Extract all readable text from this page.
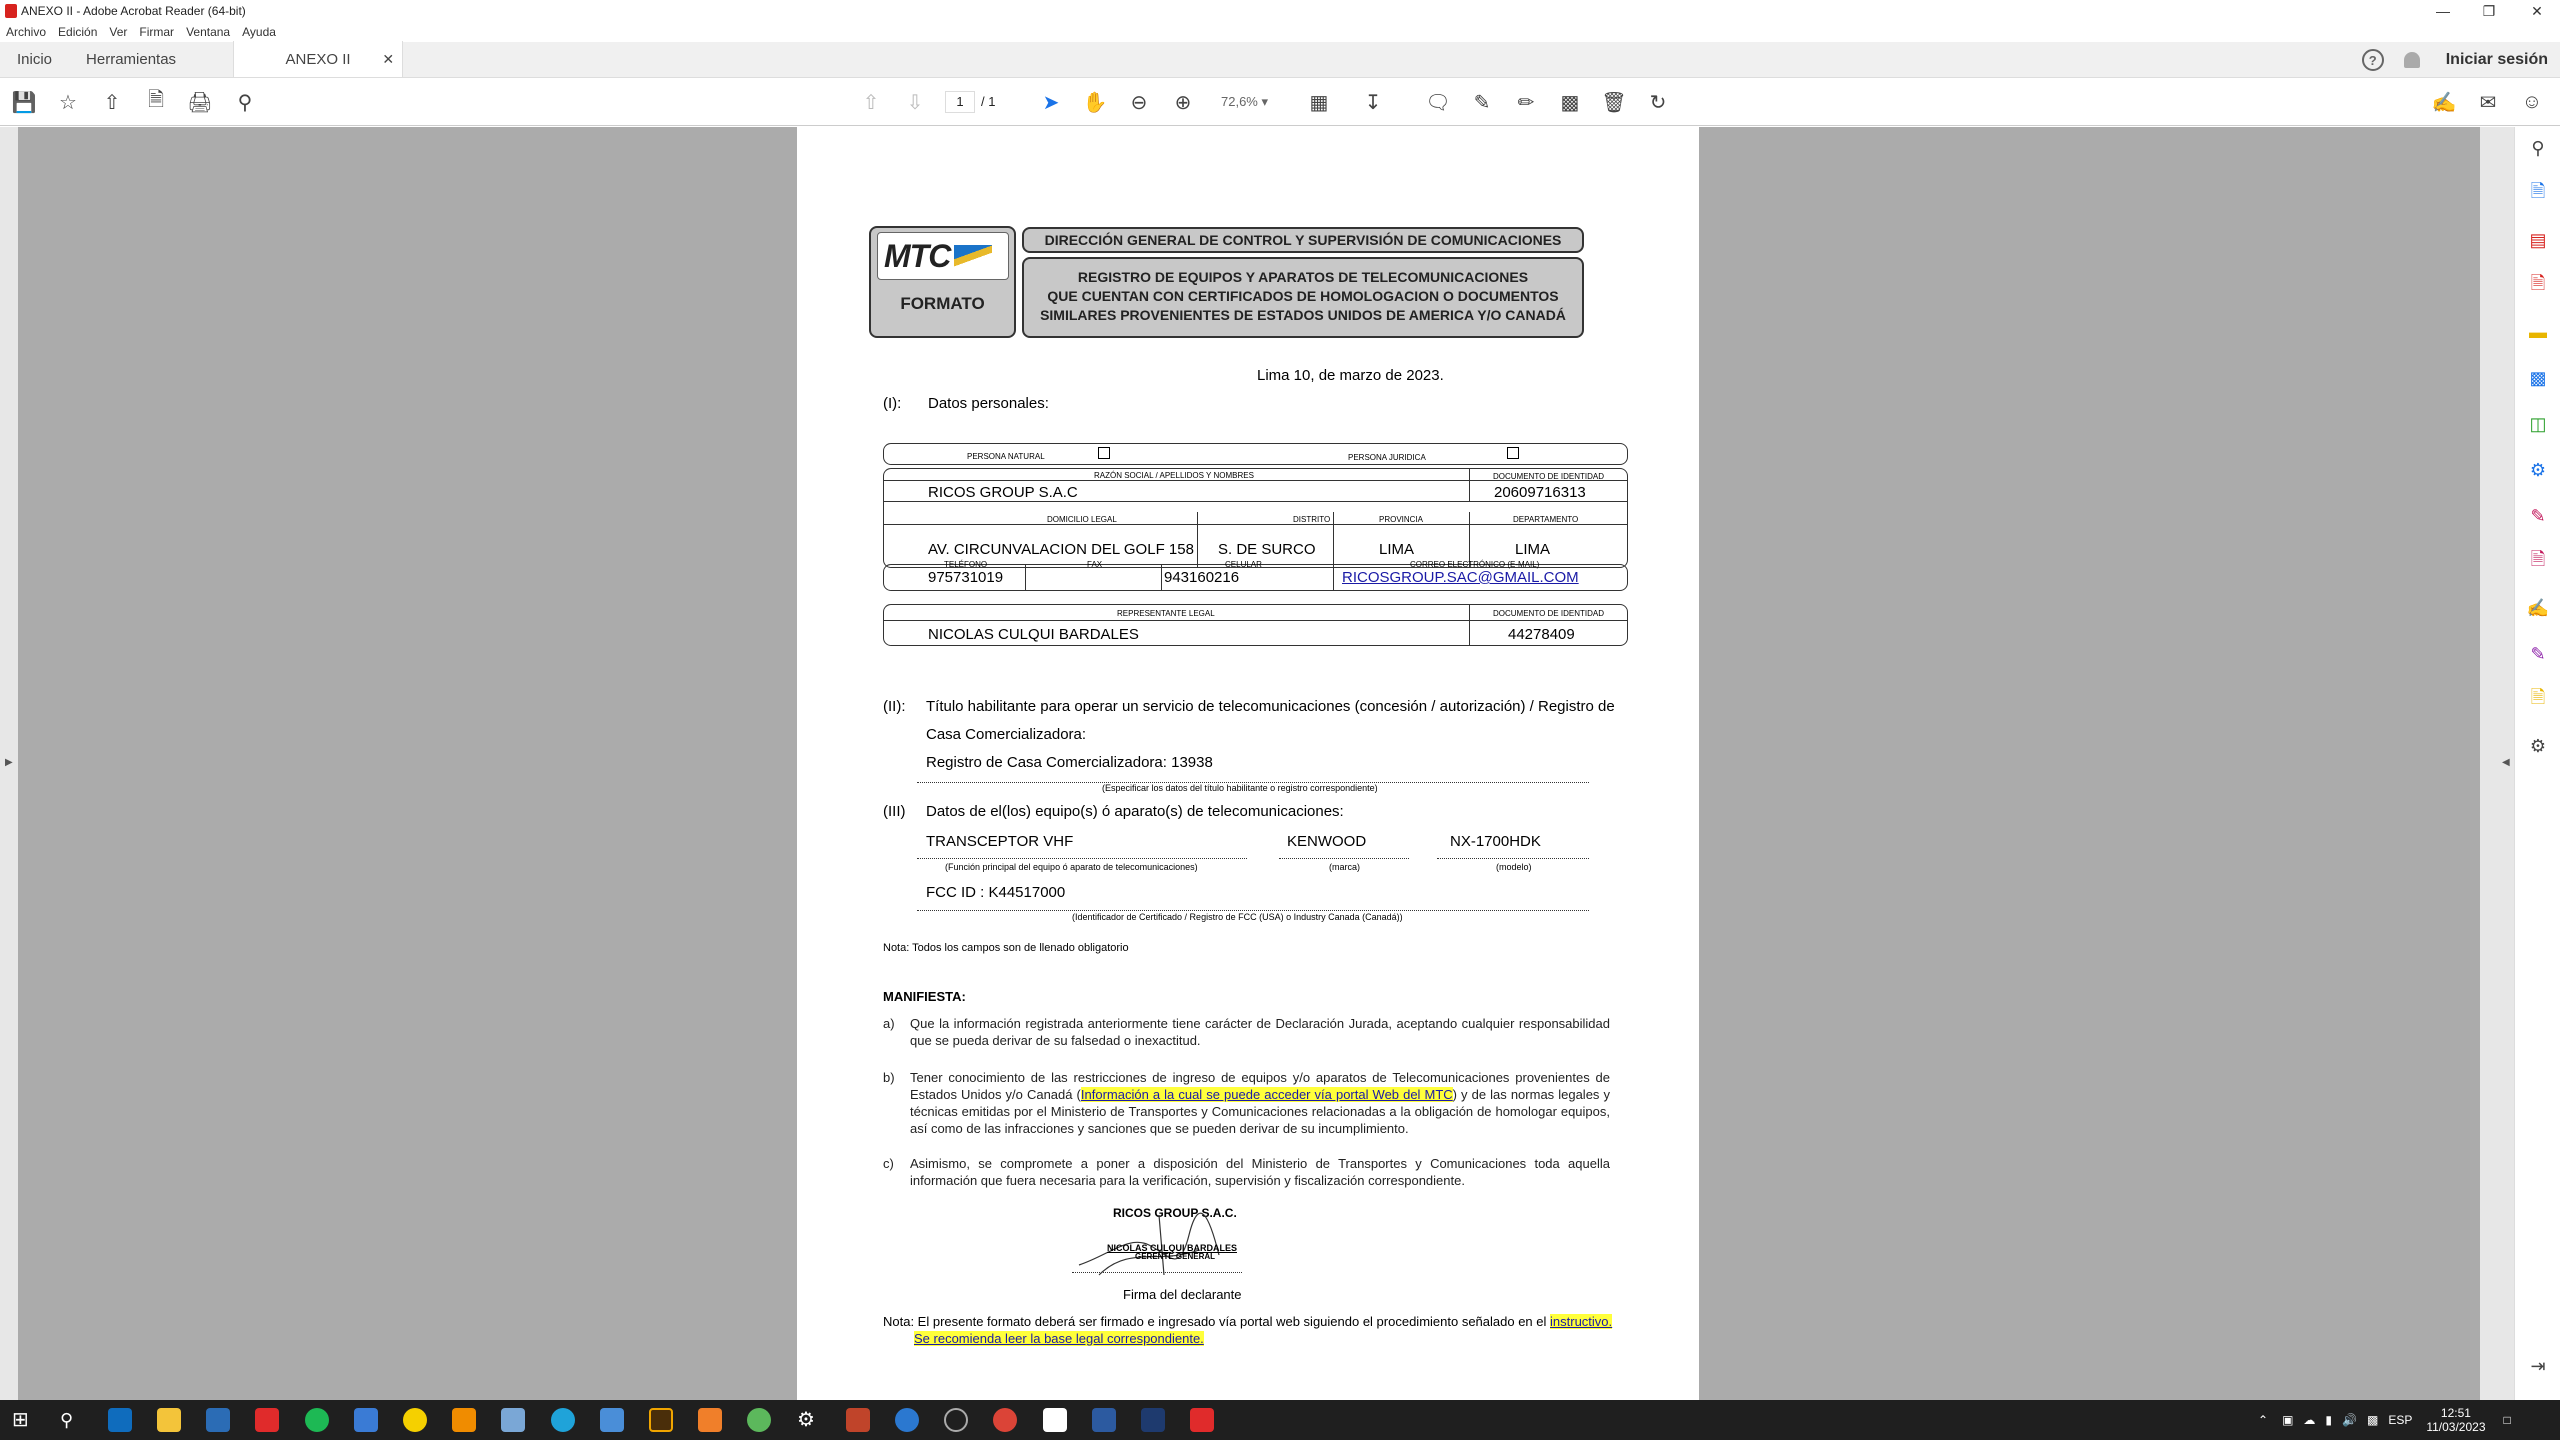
ANEXO II - Adobe Acrobat Reader (64-bit)	—	❐	✕
Archivo Edición Ver Firmar Ventana Ayuda
Inicio	Herramientas	ANEXO II ✕	?	Iniciar sesión
💾 ☆ ⇧ 🗎 🖨	⚲	⇧ ⇩	1	/ 1 ➤ ✋ ⊖ ⊕	72,6% ▾	▦ ↧ 🗨 ✎ ✏ ▩ 🗑 ↻	✍ ✉ ☺
▶	◀
⚲
🗎
▤
🗎
▬
▩
◫
⚙
✎
🗎
✍
✎
🗎
⚙
⇥
MTC
FORMATO
DIRECCIÓN GENERAL DE CONTROL Y SUPERVISIÓN DE COMUNICACIONES
REGISTRO DE EQUIPOS Y APARATOS DE TELECOMUNICACIONES
QUE CUENTAN CON CERTIFICADOS DE HOMOLOGACION O DOCUMENTOS
SIMILARES PROVENIENTES DE ESTADOS UNIDOS DE AMERICA Y/O CANADÁ
Lima 10, de marzo de 2023.
(I): Datos personales:
PERSONA NATURAL	PERSONA JURIDICA
RAZÓN SOCIAL / APELLIDOS Y NOMBRES	DOCUMENTO DE IDENTIDAD
RICOS GROUP S.A.C	20609716313
DOMICILIO LEGAL	DISTRITO	PROVINCIA	DEPARTAMENTO
AV. CIRCUNVALACION DEL GOLF 158 S. DE SURCO	LIMA	LIMA
TELÉFONO	FAX	CELULAR	CORREO ELECTRÓNICO (E-MAIL)
975731019	943160216	RICOSGROUP.SAC@GMAIL.COM
REPRESENTANTE LEGAL	DOCUMENTO DE IDENTIDAD
NICOLAS CULQUI BARDALES	44278409
(II): Título habilitante para operar un servicio de telecomunicaciones (concesión / autorización) / Registro de
Casa Comercializadora:
Registro de Casa Comercializadora: 13938
(Especificar los datos del título habilitante o registro correspondiente)
(III) Datos de el(los) equipo(s) ó aparato(s) de telecomunicaciones:
TRANSCEPTOR VHF	KENWOOD	NX-1700HDK
(Función principal del equipo ó aparato de telecomunicaciones)	(marca)	(modelo)
FCC ID : K44517000
(Identificador de Certificado / Registro de FCC (USA) o Industry Canada (Canadá))
Nota: Todos los campos son de llenado obligatorio
MANIFIESTA:

a) Que la información registrada anteriormente tiene carácter de Declaración Jurada, aceptando cualquier responsabilidad que se pueda derivar de su falsedad o inexactitud.

b) Tener conocimiento de las restricciones de ingreso de equipos y/o aparatos de Telecomunicaciones provenientes de Estados Unidos y/o Canadá (Información a la cual se puede acceder vía portal Web del MTC) y de las normas legales y técnicas emitidas por el Ministerio de Transportes y Comunicaciones relacionadas a la obligación de homologar equipos, así como de las infracciones y sanciones que se pueden derivar de su incumplimiento.

c) Asimismo, se compromete a poner a disposición del Ministerio de Transportes y Comunicaciones toda aquella información que fuera necesaria para la verificación, supervisión y fiscalización correspondiente.

RICOS GROUP S.A.C.
NICOLAS CULQUI BARDALES
GERENTE GENERAL
Firma del declarante
Nota: El presente formato deberá ser firmado e ingresado vía portal web siguiendo el procedimiento señalado en el instructivo.
Se recomienda leer la base legal correspondiente.
⊞	⚲	⚙	⌃ ▣ ☁ ▮ 🔊 ▩ ESP 12:51
11/03/2023 □
